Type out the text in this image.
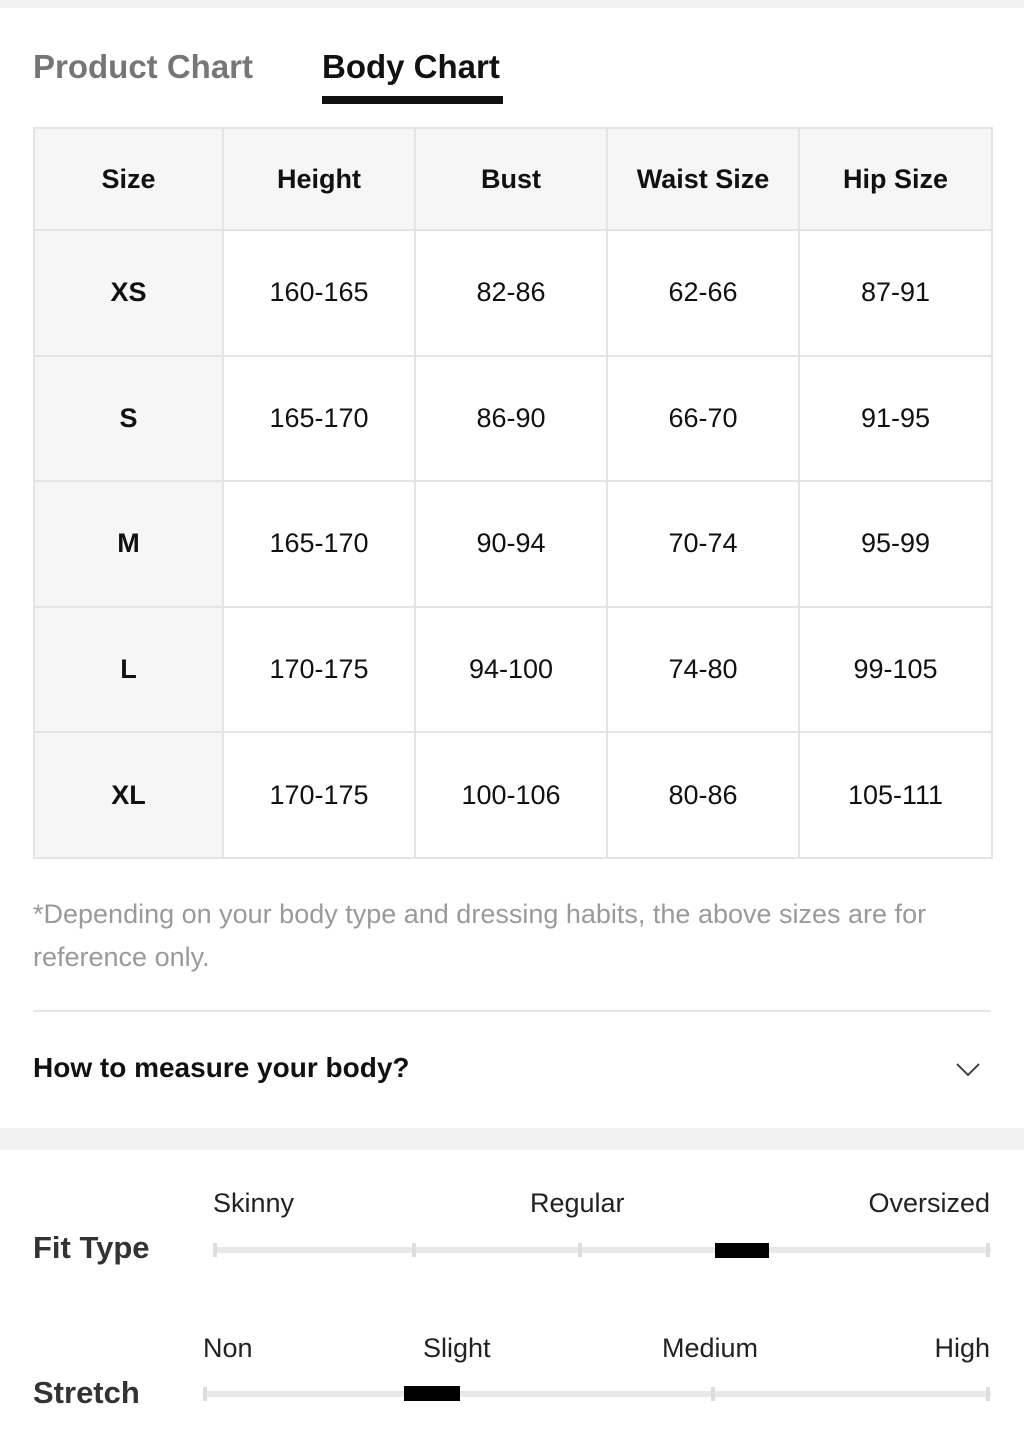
Product Chart Body Chart
Size	Height	Bust	Waist Size	Hip Size
XS	160-165	82-86	62-66	87-91
S	165-170	86-90	66-70	91-95
M	165-170	90-94	70-74	95-99
L	170-175	94-100	74-80	99-105
XL	170-175	100-106	80-86	105-111

*Depending on your body type and dressing habits, the above sizes are for reference only.

How to measure your body?
Fit Type
Skinny	Regular	Oversized
Stretch
Non	Slight	Medium	High
